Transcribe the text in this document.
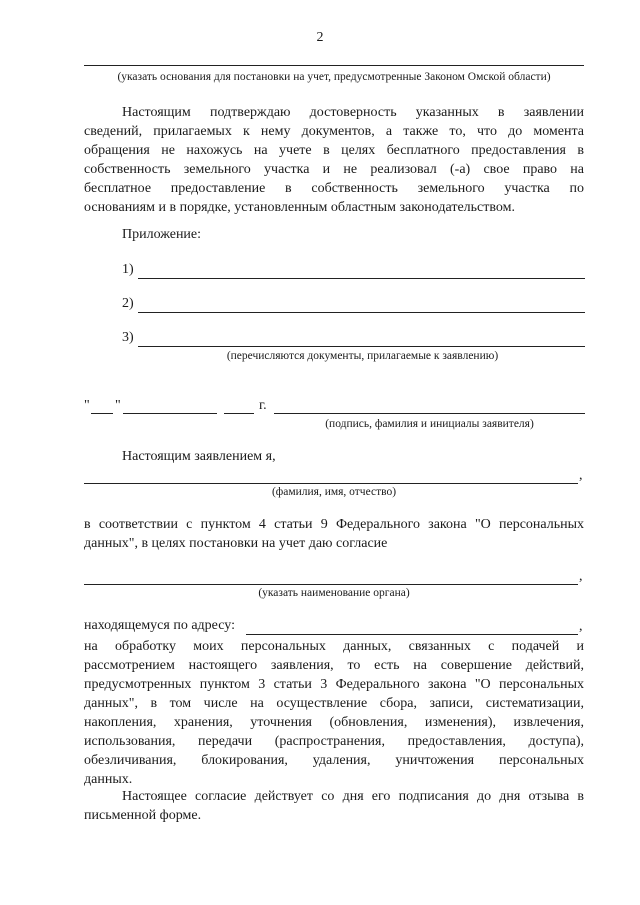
2
(указать основания для постановки на учет, предусмотренные Законом Омской области)
Настоящим подтверждаю достоверность указанных в заявлении
сведений, прилагаемых к нему документов, а также то, что до момента
обращения не нахожусь на учете в целях бесплатного предоставления в
собственность земельного участка и не реализовал (-а) свое право на
бесплатное предоставление в собственность земельного участка по
основаниям и в порядке, установленным областным законодательством.
Приложение:
1)
2)
3)
(перечисляются документы, прилагаемые к заявлению)
" "	г.
(подпись, фамилия и инициалы заявителя)
Настоящим заявлением я,
,
(фамилия, имя, отчество)
в соответствии с пунктом 4 статьи 9 Федерального закона "О персональных
данных", в целях постановки на учет даю согласие
,
(указать наименование органа)
находящемуся по адресу:	,
на обработку моих персональных данных, связанных с подачей и
рассмотрением настоящего заявления, то есть на совершение действий,
предусмотренных пунктом 3 статьи 3 Федерального закона "О персональных
данных", в том числе на осуществление сбора, записи, систематизации,
накопления, хранения, уточнения (обновления, изменения), извлечения,
использования, передачи (распространения, предоставления, доступа),
обезличивания, блокирования, удаления, уничтожения персональных
данных.
Настоящее согласие действует со дня его подписания до дня отзыва в
письменной форме.
